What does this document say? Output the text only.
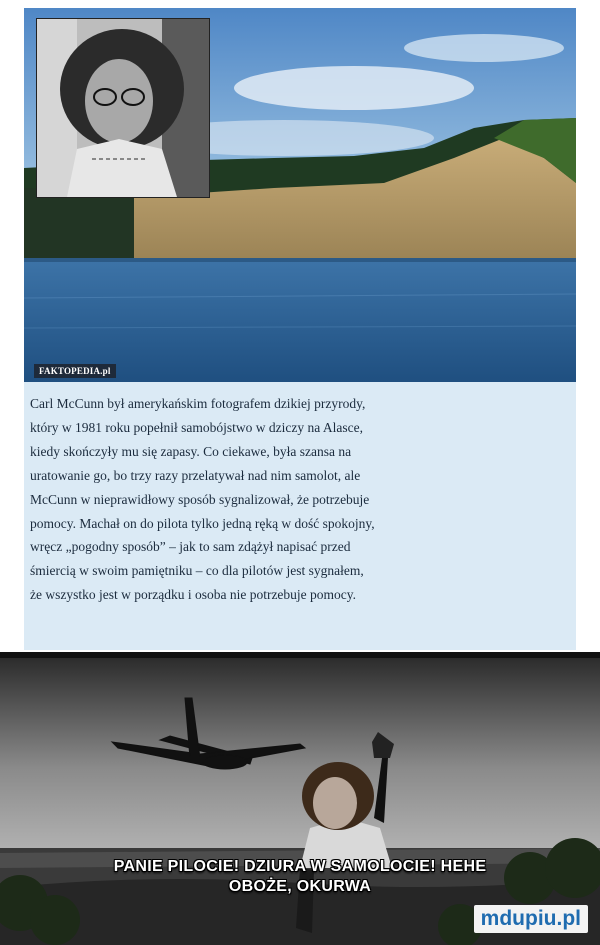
FAKTOPEDIA.pl
Carl McCunn był amerykańskim fotografem dzikiej przyrody,
który w 1981 roku popełnił samobójstwo w dziczy na Alasce,
kiedy skończyły mu się zapasy. Co ciekawe, była szansa na
uratowanie go, bo trzy razy przelatywał nad nim samolot, ale
McCunn w nieprawidłowy sposób sygnalizował, że potrzebuje
pomocy. Machał on do pilota tylko jedną ręką w dość spokojny,
wręcz „pogodny sposób” – jak to sam zdążył napisać przed
śmiercią w swoim pamiętniku – co dla pilotów jest sygnałem,
że wszystko jest w porządku i osoba nie potrzebuje pomocy.
PANIE PILOCIE! DZIURA W SAMOLOCIE! HEHE
OBOŻE, OKURWA
mdupiu.pl
